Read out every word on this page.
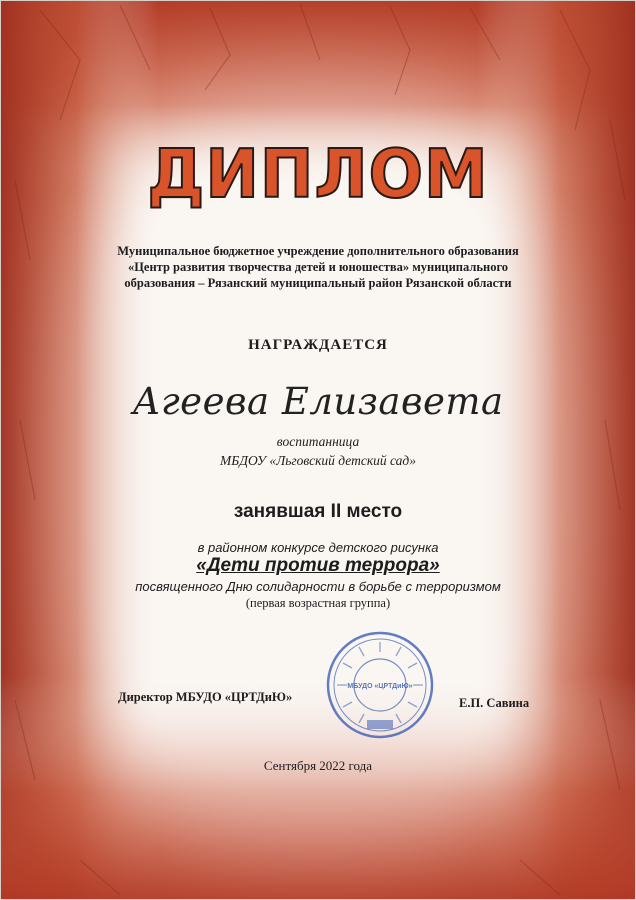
ДИПЛОМ
Муниципальное бюджетное учреждение дополнительного образования
«Центр развития творчества детей и юношества» муниципального
образования – Рязанский муниципальный район Рязанской области
НАГРАЖДАЕТСЯ
Агеева Елизавета
воспитанница
МБДОУ «Льговский детский сад»
занявшая II место
в районном конкурсе детского рисунка
«Дети против террора»
посвященного Дню солидарности в борьбе с терроризмом
(первая возрастная группа)
МБУДО «ЦРТДиЮ»
Директор МБУДО «ЦРТДиЮ»	Е.П. Савина
Сентября 2022 года
